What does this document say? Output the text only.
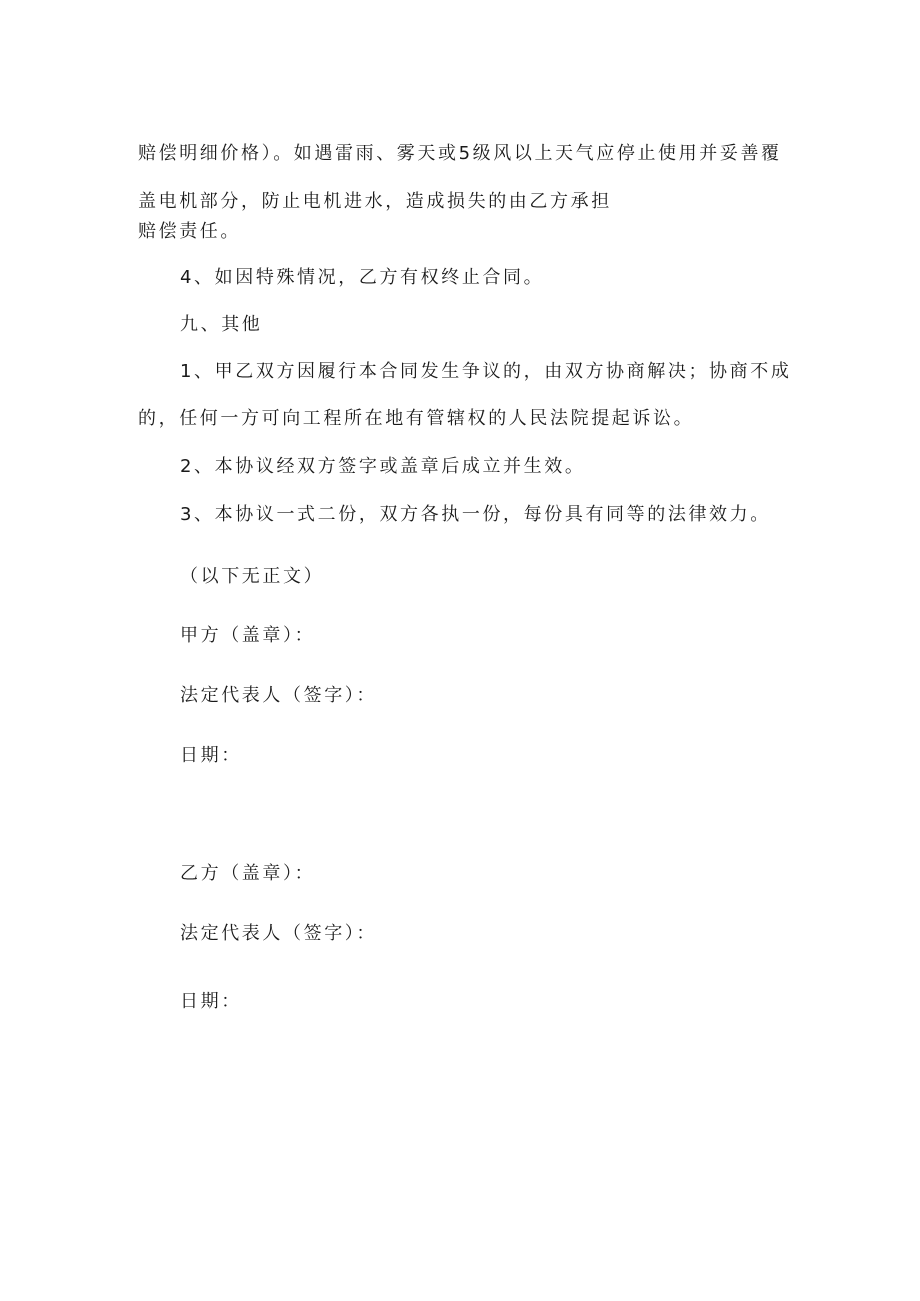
赔偿明细价格）。如遇雷雨、雾天或5级风以上天气应停止使用并妥善覆
盖电机部分，防止电机进水，造成损失的由乙方承担
赔偿责任。
4、如因特殊情况，乙方有权终止合同。
九、其他
1、甲乙双方因履行本合同发生争议的，由双方协商解决；协商不成
的，任何一方可向工程所在地有管辖权的人民法院提起诉讼。
2、本协议经双方签字或盖章后成立并生效。
3、本协议一式二份，双方各执一份，每份具有同等的法律效力。
（以下无正文）
甲方（盖章）：
法定代表人（签字）：
日期：
乙方（盖章）：
法定代表人（签字）：
日期：
